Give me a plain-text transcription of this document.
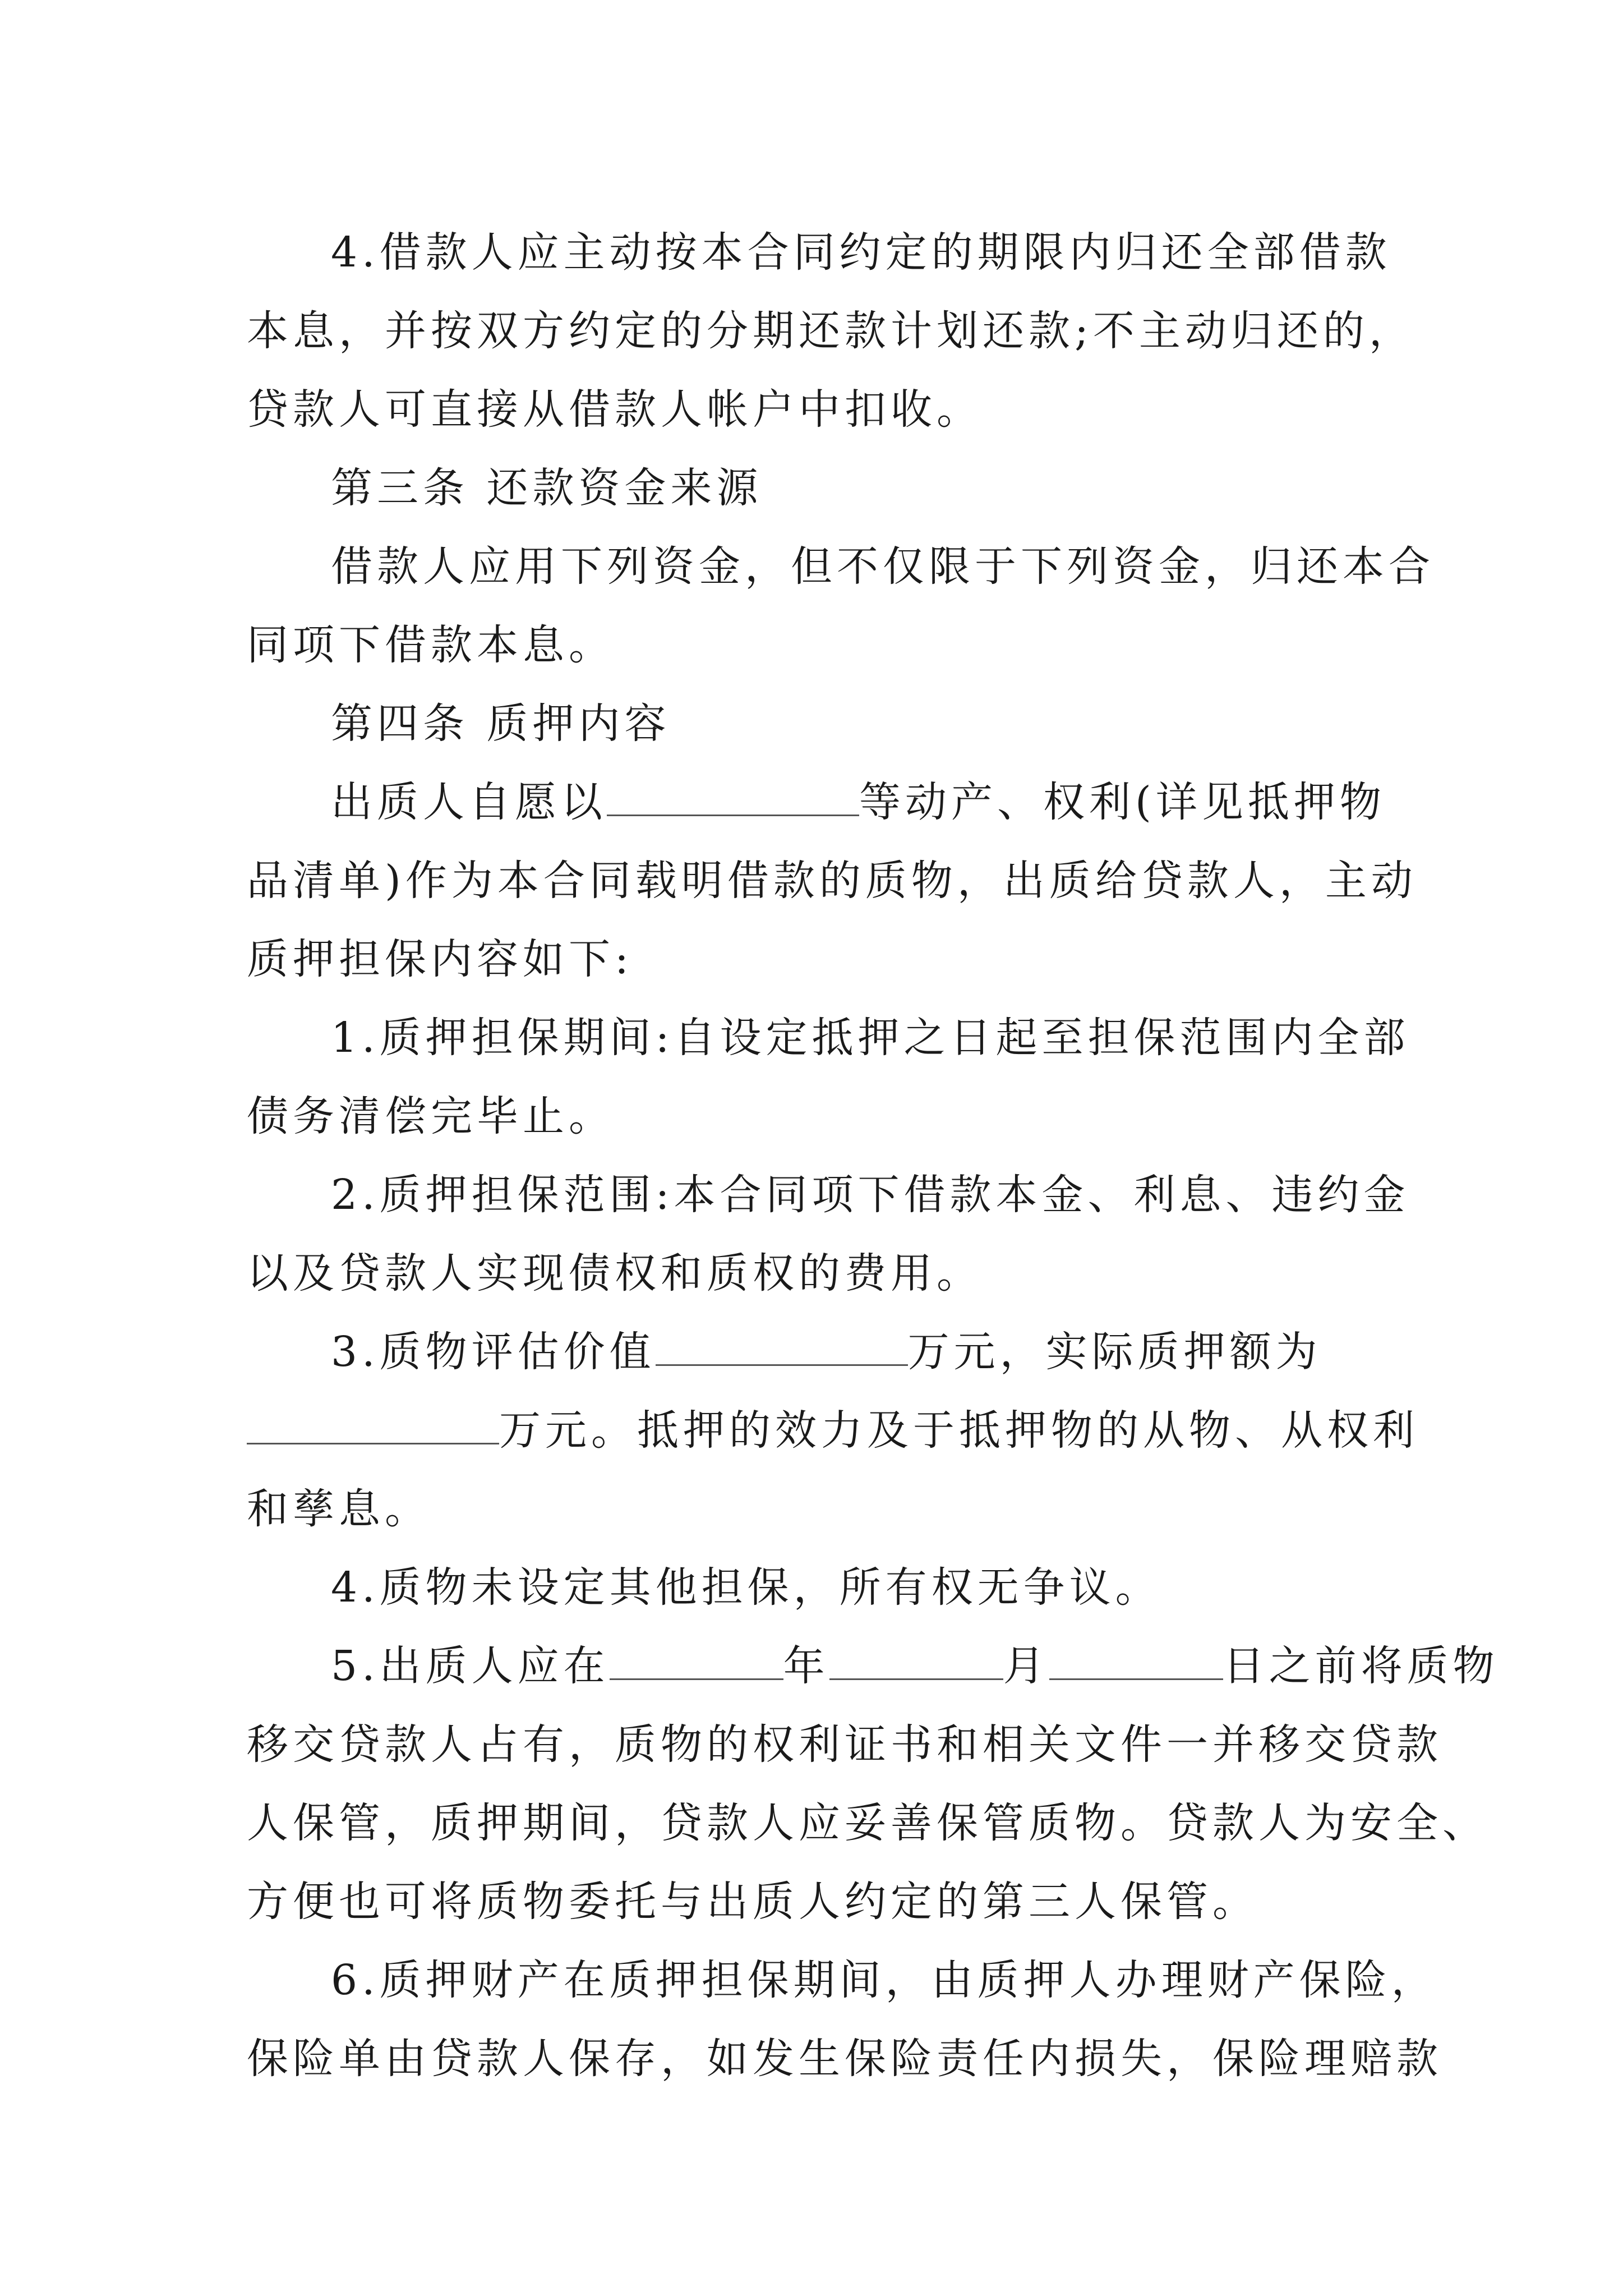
4.借款人应主动按本合同约定的期限内归还全部借款
本息，并按双方约定的分期还款计划还款;不主动归还的，
贷款人可直接从借款人帐户中扣收。
第三条 还款资金来源
借款人应用下列资金，但不仅限于下列资金，归还本合
同项下借款本息。
第四条 质押内容
出质人自愿以	等动产、权利(详见抵押物
品清单)作为本合同载明借款的质物，出质给贷款人，主动
质押担保内容如下:
1.质押担保期间:自设定抵押之日起至担保范围内全部
债务清偿完毕止。
2.质押担保范围:本合同项下借款本金、利息、违约金
以及贷款人实现债权和质权的费用。
3.质物评估价值	万元，实际质押额为
万元。抵押的效力及于抵押物的从物、从权利
和孳息。
4.质物未设定其他担保，所有权无争议。
5.出质人应在	年	月	日之前将质物
移交贷款人占有，质物的权利证书和相关文件一并移交贷款
人保管，质押期间，贷款人应妥善保管质物。贷款人为安全、
方便也可将质物委托与出质人约定的第三人保管。
6.质押财产在质押担保期间，由质押人办理财产保险，
保险单由贷款人保存，如发生保险责任内损失，保险理赔款
